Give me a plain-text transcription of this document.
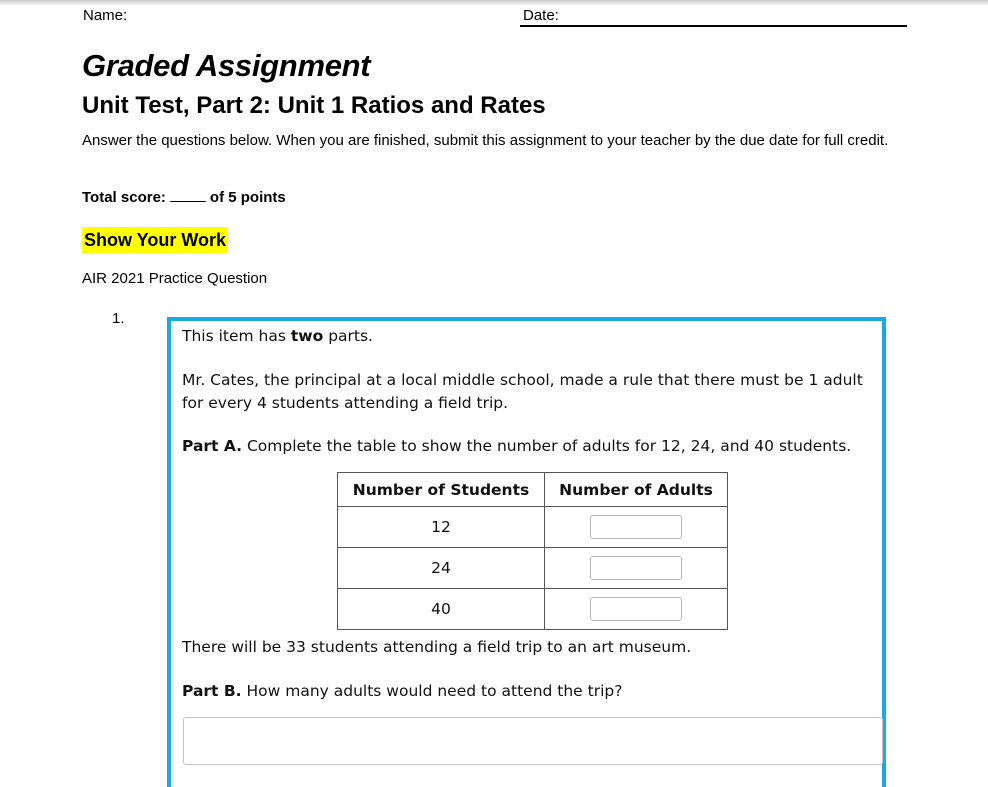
Name:	Date:
Graded Assignment
Unit Test, Part 2: Unit 1 Ratios and Rates

Answer the questions below. When you are finished, submit this assignment to your teacher by the due date for full credit.

Total score:	of 5 points
Show Your Work
AIR 2021 Practice Question
1.

This item has two parts.

Mr. Cates, the principal at a local middle school, made a rule that there must be 1 adult for every 4 students attending a field trip.

Part A. Complete the table to show the number of adults for 12, 24, and 40 students.

Number of Students	Number of Adults
12	
24	
40	

There will be 33 students attending a field trip to an art museum.

Part B. How many adults would need to attend the trip?
